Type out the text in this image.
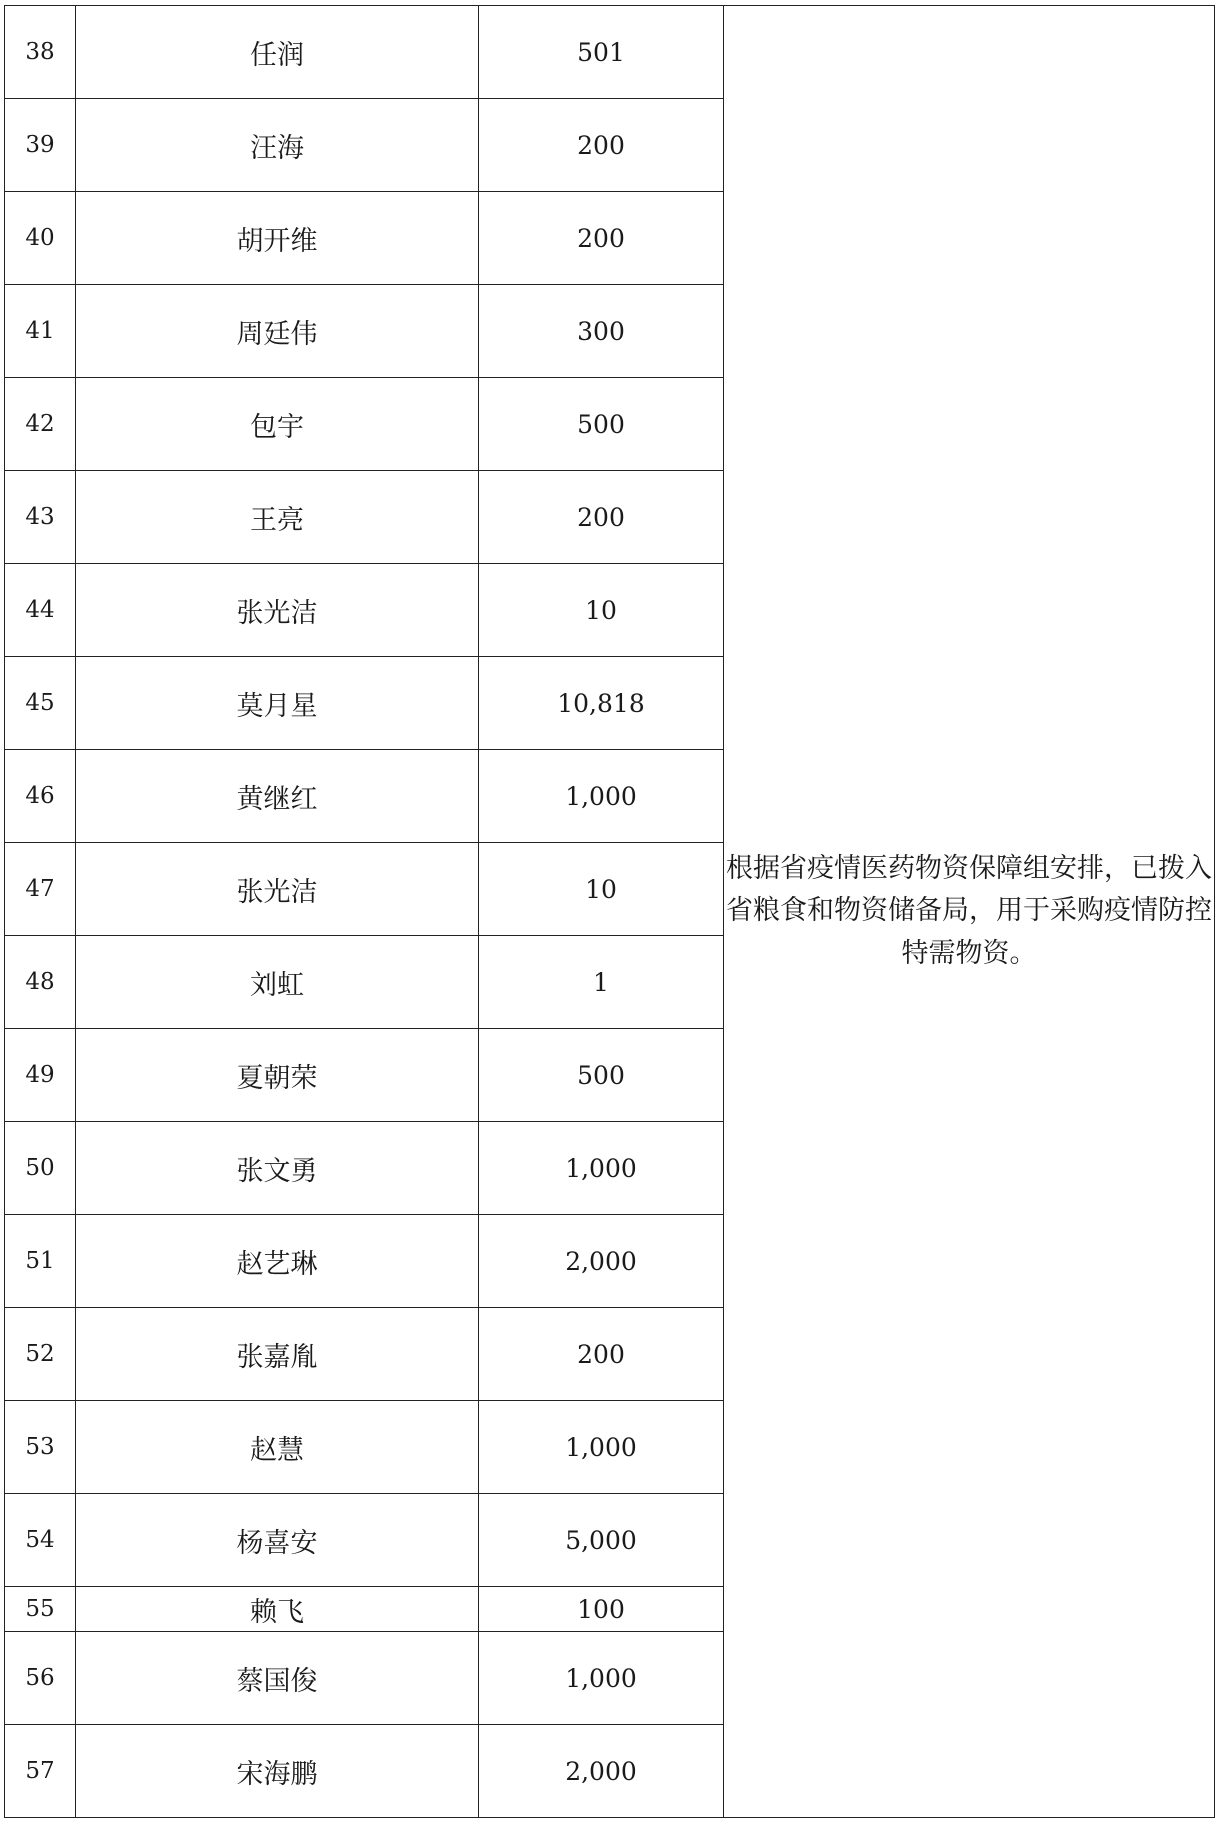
38	任润	501	根据省疫情医药物资保障组安排，已拨入省粮食和物资储备局，用于采购疫情防控特需物资。
39	汪海	200	
40	胡开维	200	
41	周廷伟	300	
42	包宇	500	
43	王亮	200	
44	张光洁	10	
45	莫月星	10,818	
46	黄继红	1,000	
47	张光洁	10	
48	刘虹	1	
49	夏朝荣	500	
50	张文勇	1,000	
51	赵艺琳	2,000	
52	张嘉胤	200	
53	赵慧	1,000	
54	杨喜安	5,000	
55	赖飞	100	
56	蔡国俊	1,000	
57	宋海鹏	2,000	
